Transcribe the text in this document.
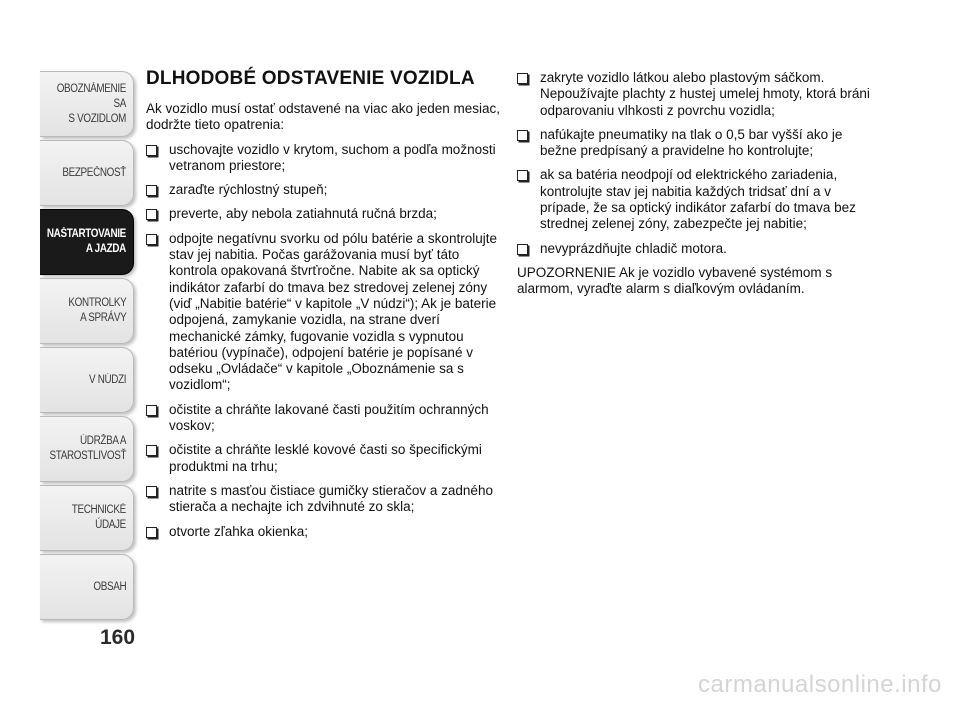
OBOZNÁMENIE SA
S VOZIDLOM
BEZPEČNOSŤ
NAŠTARTOVANIE
A JAZDA
KONTROLKY
A SPRÁVY
V NÚDZI
ÚDRŽBA A
STAROSTLIVOSŤ
TECHNICKÉ
ÚDAJE
OBSAH
160
DLHODOBÉ ODSTAVENIE VOZIDLA

Ak vozidlo musí ostať odstavené na viac ako jeden mesiac, dodržte tieto opatrenia:

uschovajte vozidlo v krytom, suchom a podľa možnosti vetranom priestore;
zaraďte rýchlostný stupeň;
preverte, aby nebola zatiahnutá ručná brzda;
odpojte negatívnu svorku od pólu batérie a skontrolujte stav jej nabitia. Počas garážovania musí byť táto kontrola opakovaná štvrťročne. Nabite ak sa optický indikátor zafarbí do tmava bez stredovej zelenej zóny (viď „Nabitie batérie“ v kapitole „V núdzi“); Ak je baterie odpojená, zamykanie vozidla, na strane dverí mechanické zámky, fugovanie vozidla s vypnutou batériou (vypínače), odpojení batérie je popísané v odseku „Ovládače“ v kapitole „Oboznámenie sa s vozidlom“;
očistite a chráňte lakované časti použitím ochranných voskov;
očistite a chráňte lesklé kovové časti so špecifickými produktmi na trhu;
natrite s masťou čistiace gumičky stieračov a zadného stierača a nechajte ich zdvihnuté zo skla;
otvorte zľahka okienka;
zakryte vozidlo látkou alebo plastovým sáčkom. Nepoužívajte plachty z hustej umelej hmoty, ktorá bráni odparovaniu vlhkosti z povrchu vozidla;
nafúkajte pneumatiky na tlak o 0,5 bar vyšší ako je bežne predpísaný a pravidelne ho kontrolujte;
ak sa batéria neodpojí od elektrického zariadenia, kontrolujte stav jej nabitia každých tridsať dní a v prípade, že sa optický indikátor zafarbí do tmava bez strednej zelenej zóny, zabezpečte jej nabitie;
nevyprázdňujte chladič motora.

UPOZORNENIE Ak je vozidlo vybavené systémom s alarmom, vyraďte alarm s diaľkovým ovládaním.

carmanualsonline.info
